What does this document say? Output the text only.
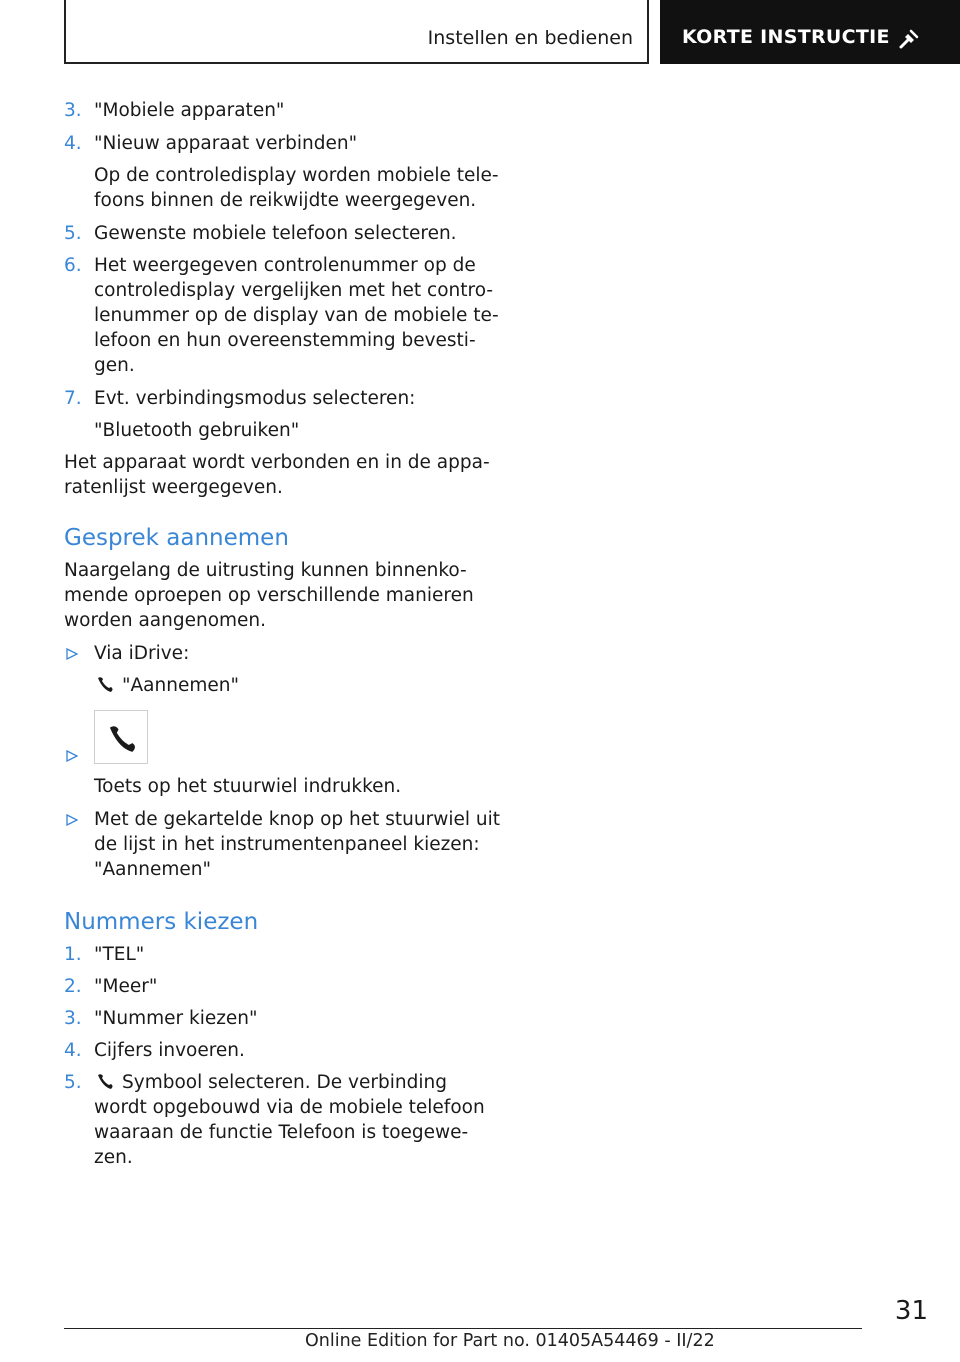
Instellen en bedienen	KORTE INSTRUCTIE
3. "Mobiele apparaten"
4. "Nieuw apparaat verbinden"
Op de controledisplay worden mobiele tele-
foons binnen de reikwijdte weergegeven.
5. Gewenste mobiele telefoon selecteren.
6. Het weergegeven controlenummer op de
controledisplay vergelijken met het contro-
lenummer op de display van de mobiele te-
lefoon en hun overeenstemming bevesti-
gen.
7. Evt. verbindingsmodus selecteren:
"Bluetooth gebruiken"
Het apparaat wordt verbonden en in de appa-
ratenlijst weergegeven.
Gesprek aannemen
Naargelang de uitrusting kunnen binnenko-
mende oproepen op verschillende manieren
worden aangenomen.
Via iDrive:
"Aannemen"
Toets op het stuurwiel indrukken.
Met de gekartelde knop op het stuurwiel uit
de lijst in het instrumentenpaneel kiezen:
"Aannemen"
Nummers kiezen
1. "TEL"
2. "Meer"
3. "Nummer kiezen"
4. Cijfers invoeren.
5.	Symbool selecteren. De verbinding
wordt opgebouwd via de mobiele telefoon
waaraan de functie Telefoon is toegewe-
zen.
31
Online Edition for Part no. 01405A54469 - II/22
